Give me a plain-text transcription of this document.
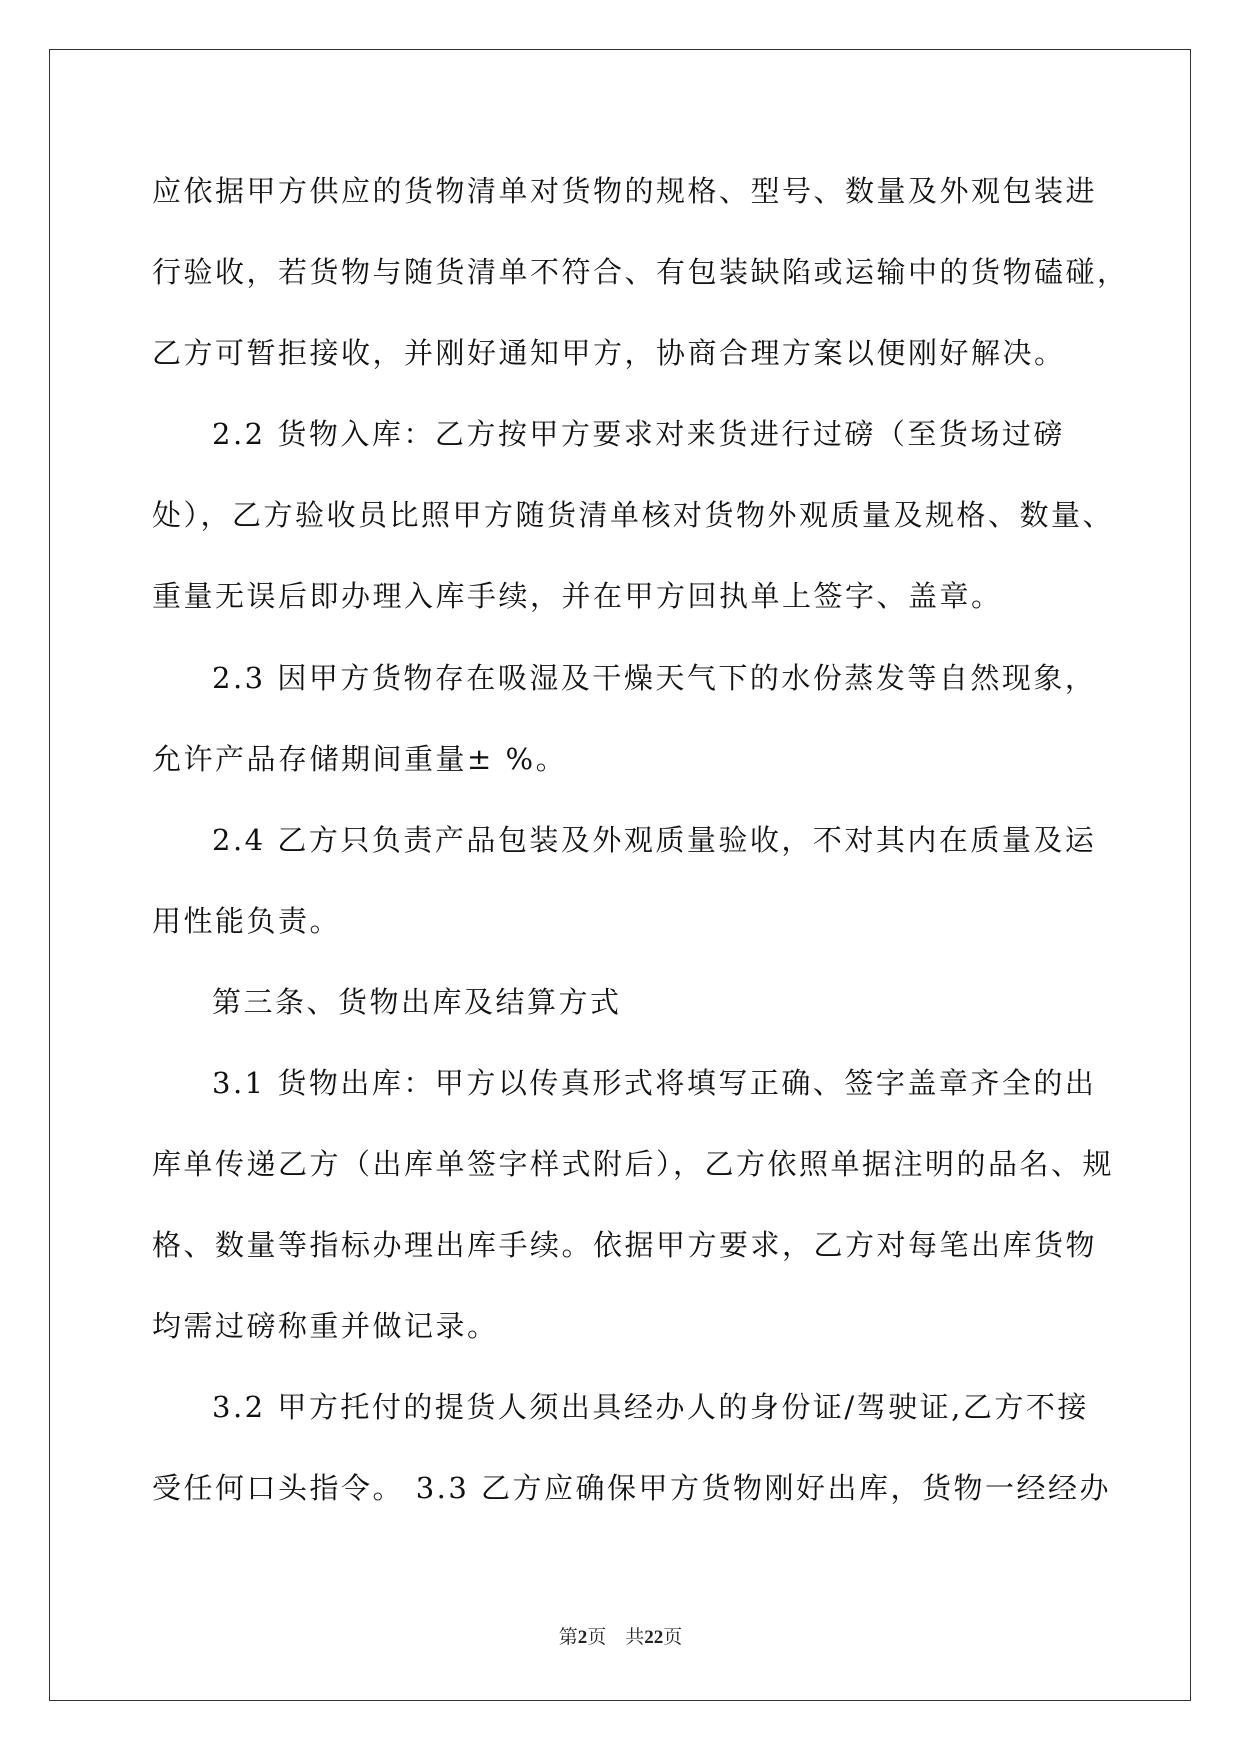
应依据甲方供应的货物清单对货物的规格、型号、数量及外观包装进
行验收，若货物与随货清单不符合、有包装缺陷或运输中的货物磕碰，
乙方可暂拒接收，并刚好通知甲方，协商合理方案以便刚好解决。
2.2 货物入库：乙方按甲方要求对来货进行过磅（至货场过磅
处），乙方验收员比照甲方随货清单核对货物外观质量及规格、数量、
重量无误后即办理入库手续，并在甲方回执单上签字、盖章。
2.3 因甲方货物存在吸湿及干燥天气下的水份蒸发等自然现象，
允许产品存储期间重量± %。
2.4 乙方只负责产品包装及外观质量验收，不对其内在质量及运
用性能负责。
第三条、货物出库及结算方式
3.1 货物出库：甲方以传真形式将填写正确、签字盖章齐全的出
库单传递乙方（出库单签字样式附后），乙方依照单据注明的品名、规
格、数量等指标办理出库手续。依据甲方要求，乙方对每笔出库货物
均需过磅称重并做记录。
3.2 甲方托付的提货人须出具经办人的身份证/驾驶证,乙方不接
受任何口头指令。 3.3 乙方应确保甲方货物刚好出库，货物一经经办
第2页　共22页
